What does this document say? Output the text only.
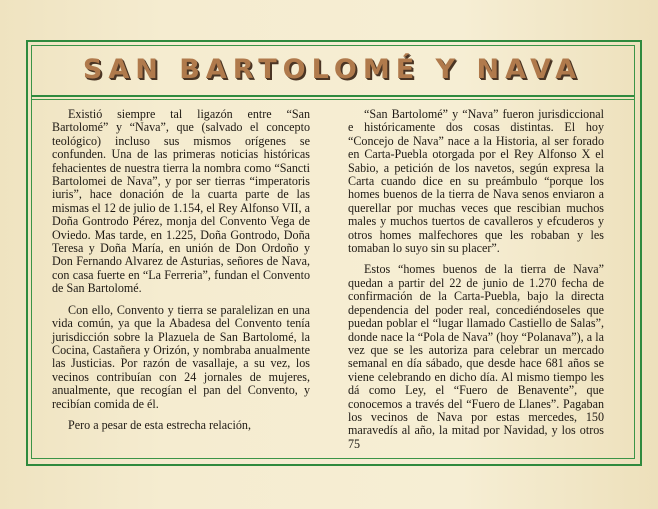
SAN BARTOLOMÉ Y NAVA

Existió siempre tal ligazón entre “San Bartolomé” y “Nava”, que (salvado el concepto teológico) incluso sus mismos orígenes se confunden. Una de las primeras noticias históricas fehacientes de nuestra tierra la nombra como “Sancti Bartolomei de Nava”, y por ser tierras “imperatoris iuris”, hace donación de la cuarta parte de las mismas el 12 de julio de 1.154, el Rey Alfonso VII, a Doña Gontrodo Pérez, monja del Convento Vega de Oviedo. Mas tarde, en 1.225, Doña Gontrodo, Doña Teresa y Doña María, en unión de Don Ordoño y Don Fernando Alvarez de Asturias, señores de Nava, con casa fuerte en “La Ferreria”, fundan el Convento de San Bartolomé.

Con ello, Convento y tierra se paralelizan en una vida común, ya que la Abadesa del Convento tenía jurisdicción sobre la Plazuela de San Bartolomé, la Cocina, Castañera y Orizón, y nombraba anualmente las Justicias. Por razón de vasallaje, a su vez, los vecinos contribuían con 24 jornales de mujeres, anualmente, que recogían el pan del Convento, y recibían comida de él.

Pero a pesar de esta estrecha relación,

“San Bartolomé” y “Nava” fueron jurisdiccional e históricamente dos cosas distintas. El hoy “Concejo de Nava” nace a la Historia, al ser forado en Carta-Puebla otorgada por el Rey Alfonso X el Sabio, a petición de los navetos, según expresa la Carta cuando dice en su preámbulo “porque los homes buenos de la tierra de Nava senos enviaron a querellar por muchas veces que rescibian muchos males y muchos tuertos de cavalleros y efcuderos y otros homes malfechores que les robaban y les tomaban lo suyo sin su placer”.

Estos “homes buenos de la tierra de Nava” quedan a partir del 22 de junio de 1.270 fecha de confirmación de la Carta-Puebla, bajo la directa dependencia del poder real, concediéndoseles que puedan poblar el “lugar llamado Castiello de Salas”, donde nace la “Pola de Nava” (hoy “Polanava”), a la vez que se les autoriza para celebrar un mercado semanal en día sábado, que desde hace 681 años se viene celebrando en dicho día. Al mismo tiempo les dá como Ley, el “Fuero de Benavente”, que conocemos a través del “Fuero de Llanes”. Pagaban los vecinos de Nava por estas mercedes, 150 maravedís al año, la mitad por Navidad, y los otros 75
